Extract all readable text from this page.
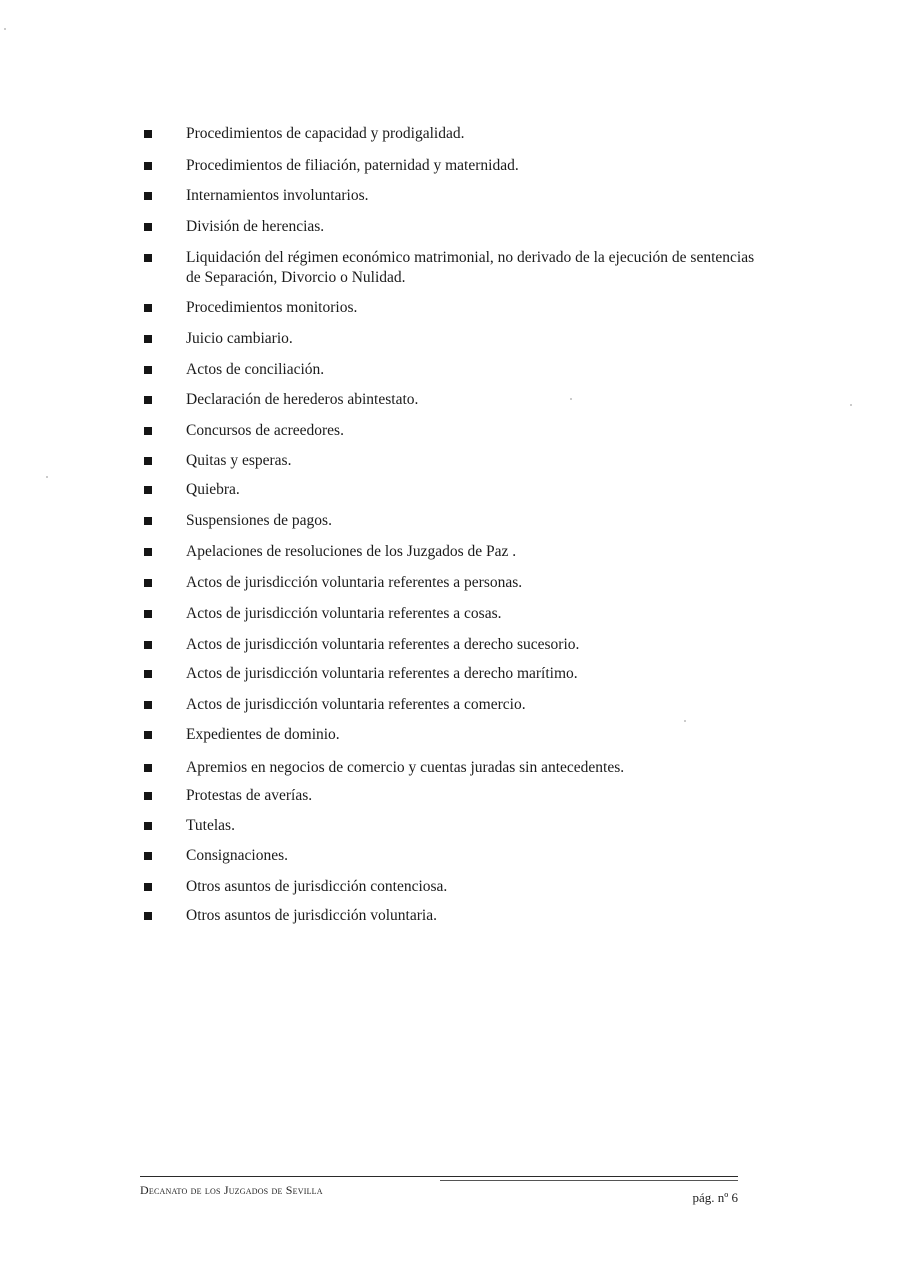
Procedimientos de capacidad y prodigalidad.
Procedimientos de filiación, paternidad y maternidad.
Internamientos involuntarios.
División de herencias.
Liquidación del régimen económico matrimonial, no derivado de la ejecución de sentencias de Separación, Divorcio o Nulidad.
Procedimientos monitorios.
Juicio cambiario.
Actos de conciliación.
Declaración de herederos abintestato.
Concursos de acreedores.
Quitas y esperas.
Quiebra.
Suspensiones de pagos.
Apelaciones de resoluciones de los Juzgados de Paz .
Actos de jurisdicción voluntaria referentes a personas.
Actos de jurisdicción voluntaria referentes a cosas.
Actos de jurisdicción voluntaria referentes a derecho sucesorio.
Actos de jurisdicción voluntaria referentes a derecho marítimo.
Actos de jurisdicción voluntaria referentes a comercio.
Expedientes de dominio.
Apremios en negocios de comercio y cuentas juradas sin antecedentes.
Protestas de averías.
Tutelas.
Consignaciones.
Otros asuntos de jurisdicción contenciosa.
Otros asuntos de jurisdicción voluntaria.
Decanato de los Juzgados de Sevilla	pág. nº 6
